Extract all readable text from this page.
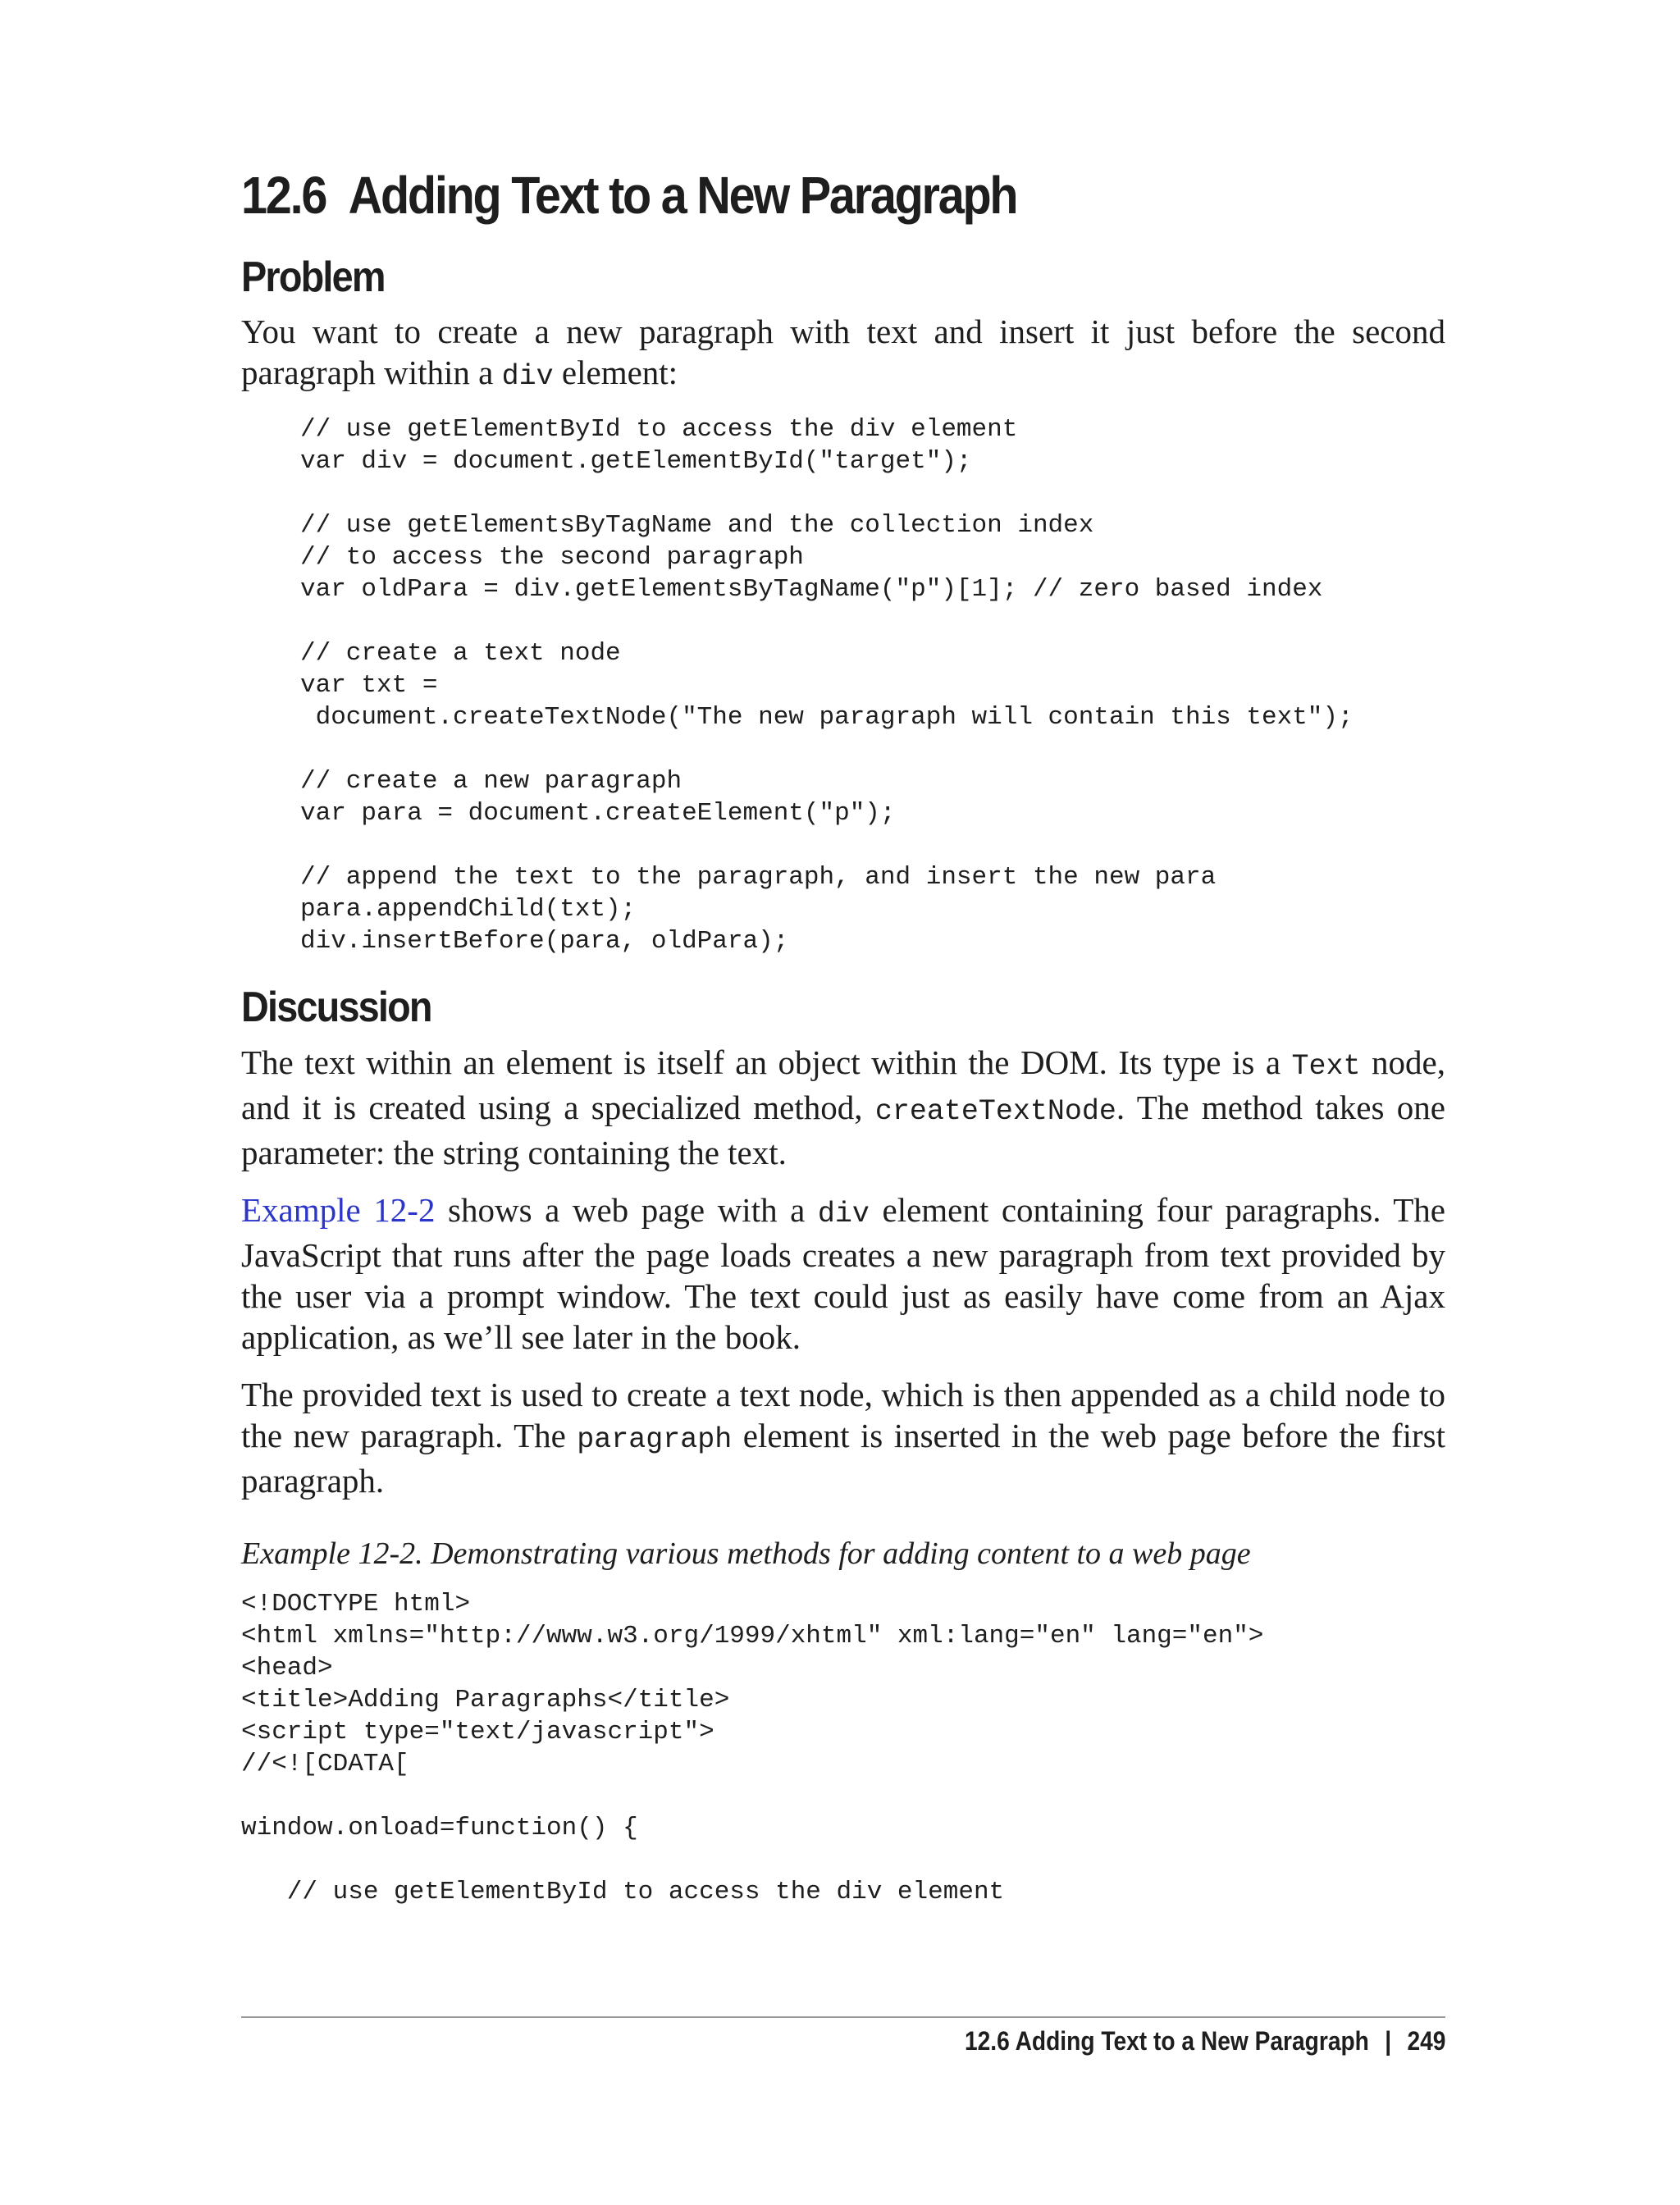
12.6 Adding Text to a New Paragraph
Problem

You want to create a new paragraph with text and insert it just before the second paragraph within a div element:

// use getElementById to access the div element
var div = document.getElementById("target");

// use getElementsByTagName and the collection index
// to access the second paragraph
var oldPara = div.getElementsByTagName("p")[1]; // zero based index

// create a text node
var txt =
document.createTextNode("The new paragraph will contain this text");

// create a new paragraph
var para = document.createElement("p");

// append the text to the paragraph, and insert the new para
para.appendChild(txt);
div.insertBefore(para, oldPara);
Discussion

The text within an element is itself an object within the DOM. Its type is a Text node, and it is created using a specialized method, createTextNode. The method takes one parameter: the string containing the text.

Example 12-2 shows a web page with a div element containing four paragraphs. The JavaScript that runs after the page loads creates a new paragraph from text provided by the user via a prompt window. The text could just as easily have come from an Ajax application, as we’ll see later in the book.

The provided text is used to create a text node, which is then appended as a child node to the new paragraph. The paragraph element is inserted in the web page before the first paragraph.

Example 12-2. Demonstrating various methods for adding content to a web page
<!DOCTYPE html>
<html xmlns="http://www.w3.org/1999/xhtml" xml:lang="en" lang="en">
<head>
<title>Adding Paragraphs</title>
<script type="text/javascript">
//<![CDATA[

window.onload=function() {

// use getElementById to access the div element
12.6 Adding Text to a New Paragraph | 249
